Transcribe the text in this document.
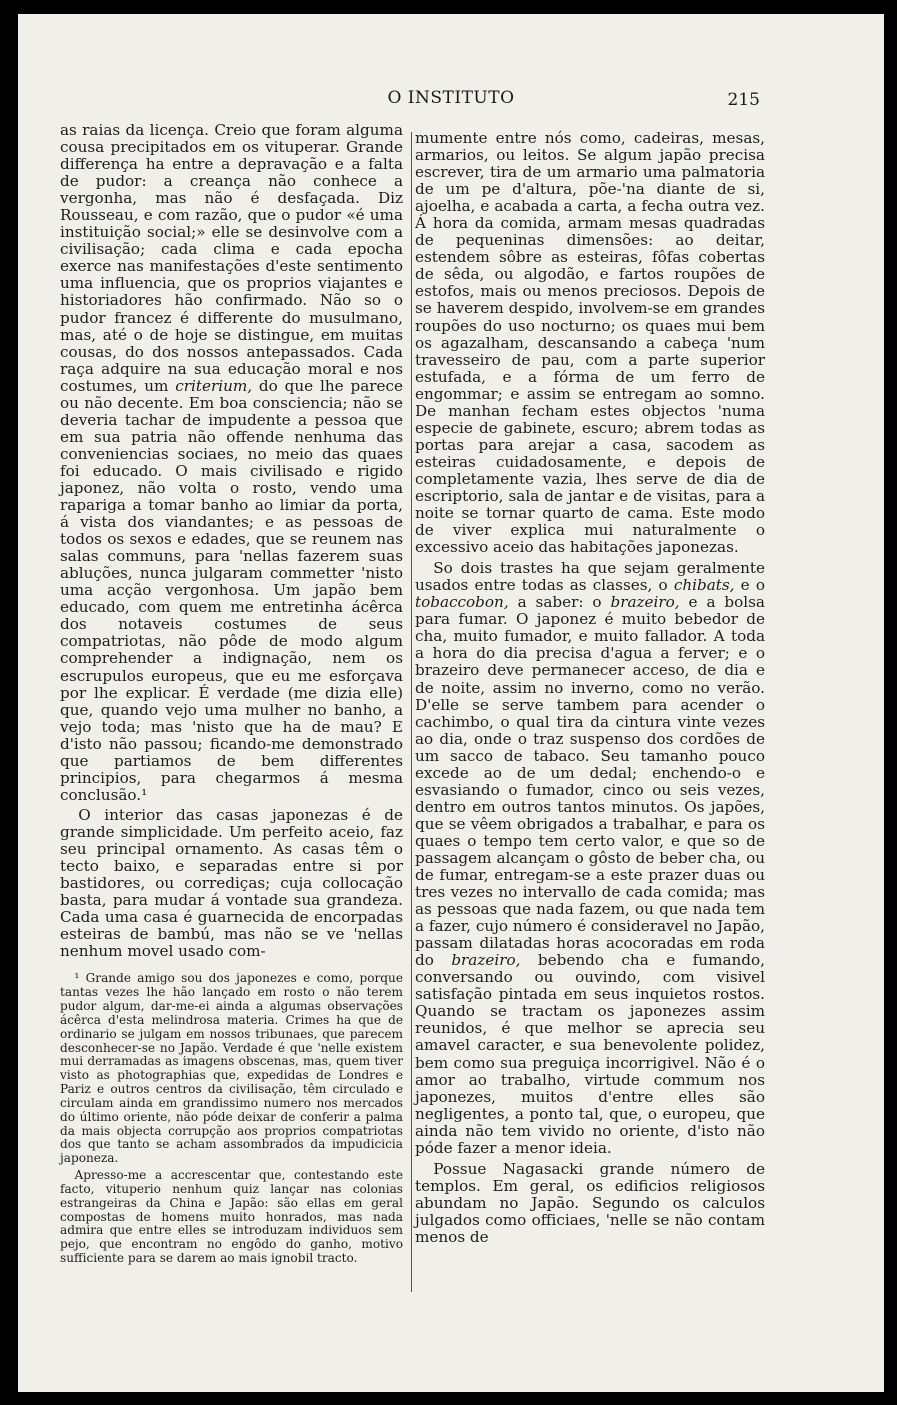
O INSTITUTO	215

as raias da licença. Creio que foram alguma cousa precipitados em os vituperar. Grande differença ha entre a depravação e a falta de pudor: a creança não conhece a vergonha, mas não é desfaçada. Diz Rousseau, e com razão, que o pudor «é uma instituição social;» elle se desinvolve com a civilisação; cada clima e cada epocha exerce nas manifestações d'este sentimento uma influencia, que os proprios viajantes e historiadores hão confirmado. Não so o pudor francez é differente do musulmano, mas, até o de hoje se distingue, em muitas cousas, do dos nossos antepassados. Cada raça adquire na sua educação moral e nos costumes, um criterium, do que lhe parece ou não decente. Em boa consciencia; não se deveria tachar de impudente a pessoa que em sua patria não offende nenhuma das conveniencias sociaes, no meio das quaes foi educado. O mais civilisado e rigido japonez, não volta o rosto, vendo uma rapariga a tomar banho ao limiar da porta, á vista dos viandantes; e as pessoas de todos os sexos e edades, que se reunem nas salas communs, para 'nellas fazerem suas abluções, nunca julgaram commetter 'nisto uma acção vergonhosa. Um japão bem educado, com quem me entretinha ácêrca dos notaveis costumes de seus compatriotas, não pôde de modo algum comprehender a indignação, nem os escrupulos europeus, que eu me esforçava por lhe explicar. É verdade (me dizia elle) que, quando vejo uma mulher no banho, a vejo toda; mas 'nisto que ha de mau? E d'isto não passou; ficando-me demonstrado que partiamos de bem differentes principios, para chegarmos á mesma conclusão.¹

O interior das casas japonezas é de grande simplicidade. Um perfeito aceio, faz seu principal ornamento. As casas têm o tecto baixo, e separadas entre si por bastidores, ou corrediças; cuja collocação basta, para mudar á vontade sua grandeza. Cada uma casa é guarnecida de encorpadas esteiras de bambú, mas não se ve 'nellas nenhum movel usado com-

¹ Grande amigo sou dos japonezes e como, porque tantas vezes lhe hão lançado em rosto o não terem pudor algum, dar-me-ei ainda a algumas observações ácêrca d'esta melindrosa materia. Crimes ha que de ordinario se julgam em nossos tribunaes, que parecem desconhecer-se no Japão. Verdade é que 'nelle existem mui derramadas as imagens obscenas, mas, quem tiver visto as photographias que, expedidas de Londres e Pariz e outros centros da civilisação, têm circulado e circulam ainda em grandissimo numero nos mercados do último oriente, não póde deixar de conferir a palma da mais objecta corrupção aos proprios compatriotas dos que tanto se acham assombrados da impudicicia japoneza.

Apresso-me a accrescentar que, contestando este facto, vituperio nenhum quiz lançar nas colonias estrangeiras da China e Japão: são ellas em geral compostas de homens muito honrados, mas nada admira que entre elles se introduzam individuos sem pejo, que encontram no engôdo do ganho, motivo sufficiente para se darem ao mais ignobil tracto.

mumente entre nós como, cadeiras, mesas, armarios, ou leitos. Se algum japão precisa escrever, tira de um armario uma palmatoria de um pe d'altura, põe-'na diante de si, ajoelha, e acabada a carta, a fecha outra vez. Á hora da comida, armam mesas quadradas de pequeninas dimensões: ao deitar, estendem sôbre as esteiras, fôfas cobertas de sêda, ou algodão, e fartos roupões de estofos, mais ou menos preciosos. Depois de se haverem despido, involvem-se em grandes roupões do uso nocturno; os quaes mui bem os agazalham, descansando a cabeça 'num travesseiro de pau, com a parte superior estufada, e a fórma de um ferro de engommar; e assim se entregam ao somno. De manhan fecham estes objectos 'numa especie de gabinete, escuro; abrem todas as portas para arejar a casa, sacodem as esteiras cuidadosamente, e depois de completamente vazia, lhes serve de dia de escriptorio, sala de jantar e de visitas, para a noite se tornar quarto de cama. Este modo de viver explica mui naturalmente o excessivo aceio das habitações japonezas.

So dois trastes ha que sejam geralmente usados entre todas as classes, o chibats, e o tobaccobon, a saber: o brazeiro, e a bolsa para fumar. O japonez é muito bebedor de cha, muito fumador, e muito fallador. A toda a hora do dia precisa d'agua a ferver; e o brazeiro deve permanecer acceso, de dia e de noite, assim no inverno, como no verão. D'elle se serve tambem para acender o cachimbo, o qual tira da cintura vinte vezes ao dia, onde o traz suspenso dos cordões de um sacco de tabaco. Seu tamanho pouco excede ao de um dedal; enchendo-o e esvasiando o fumador, cinco ou seis vezes, dentro em outros tantos minutos. Os japões, que se vêem obrigados a trabalhar, e para os quaes o tempo tem certo valor, e que so de passagem alcançam o gôsto de beber cha, ou de fumar, entregam-se a este prazer duas ou tres vezes no intervallo de cada comida; mas as pessoas que nada fazem, ou que nada tem a fazer, cujo número é consideravel no Japão, passam dilatadas horas acocoradas em roda do brazeiro, bebendo cha e fumando, conversando ou ouvindo, com visivel satisfação pintada em seus inquietos rostos. Quando se tractam os japonezes assim reunidos, é que melhor se aprecia seu amavel caracter, e sua benevolente polidez, bem como sua preguiça incorrigivel. Não é o amor ao trabalho, virtude commum nos japonezes, muitos d'entre elles são negligentes, a ponto tal, que, o europeu, que ainda não tem vivido no oriente, d'isto não póde fazer a menor ideia.

Possue Nagasacki grande número de templos. Em geral, os edificios religiosos abundam no Japão. Segundo os calculos julgados como officiaes, 'nelle se não contam menos de
